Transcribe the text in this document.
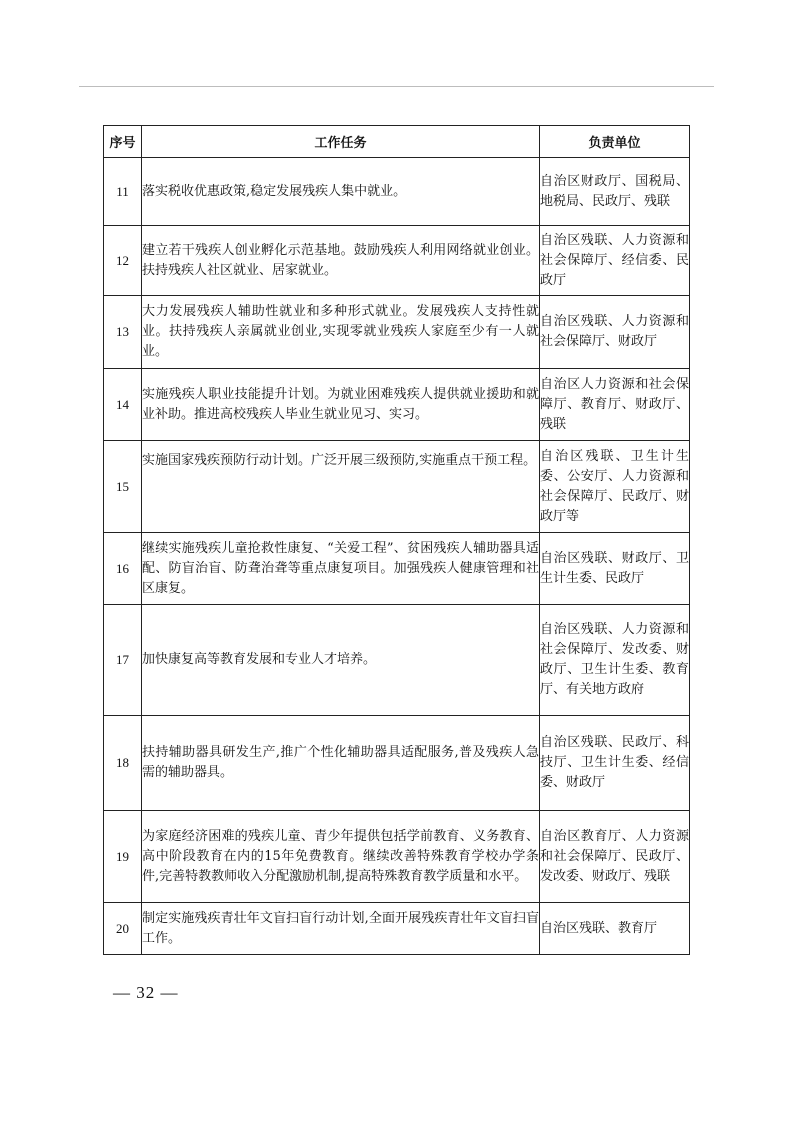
序号	工作任务	负责单位
11	落实税收优惠政策,稳定发展残疾人集中就业。	自治区财政厅、国税局、地税局、民政厅、残联
12	建立若干残疾人创业孵化示范基地。鼓励残疾人利用网络就业创业。扶持残疾人社区就业、居家就业。	自治区残联、人力资源和社会保障厅、经信委、民政厅
13	大力发展残疾人辅助性就业和多种形式就业。发展残疾人支持性就业。扶持残疾人亲属就业创业,实现零就业残疾人家庭至少有一人就业。	自治区残联、人力资源和社会保障厅、财政厅
14	实施残疾人职业技能提升计划。为就业困难残疾人提供就业援助和就业补助。推进高校残疾人毕业生就业见习、实习。	自治区人力资源和社会保障厅、教育厅、财政厅、残联
15	实施国家残疾预防行动计划。广泛开展三级预防,实施重点干预工程。	自治区残联、卫生计生委、公安厅、人力资源和社会保障厅、民政厅、财政厅等
16	继续实施残疾儿童抢救性康复、“关爱工程”、贫困残疾人辅助器具适配、防盲治盲、防聋治聋等重点康复项目。加强残疾人健康管理和社区康复。	自治区残联、财政厅、卫生计生委、民政厅
17	加快康复高等教育发展和专业人才培养。	自治区残联、人力资源和社会保障厅、发改委、财政厅、卫生计生委、教育厅、有关地方政府
18	扶持辅助器具研发生产,推广个性化辅助器具适配服务,普及残疾人急需的辅助器具。	自治区残联、民政厅、科技厅、卫生计生委、经信委、财政厅
19	为家庭经济困难的残疾儿童、青少年提供包括学前教育、义务教育、高中阶段教育在内的15年免费教育。继续改善特殊教育学校办学条件,完善特教教师收入分配激励机制,提高特殊教育教学质量和水平。	自治区教育厅、人力资源和社会保障厅、民政厅、发改委、财政厅、残联
20	制定实施残疾青壮年文盲扫盲行动计划,全面开展残疾青壮年文盲扫盲工作。	自治区残联、教育厅
— 32 —
